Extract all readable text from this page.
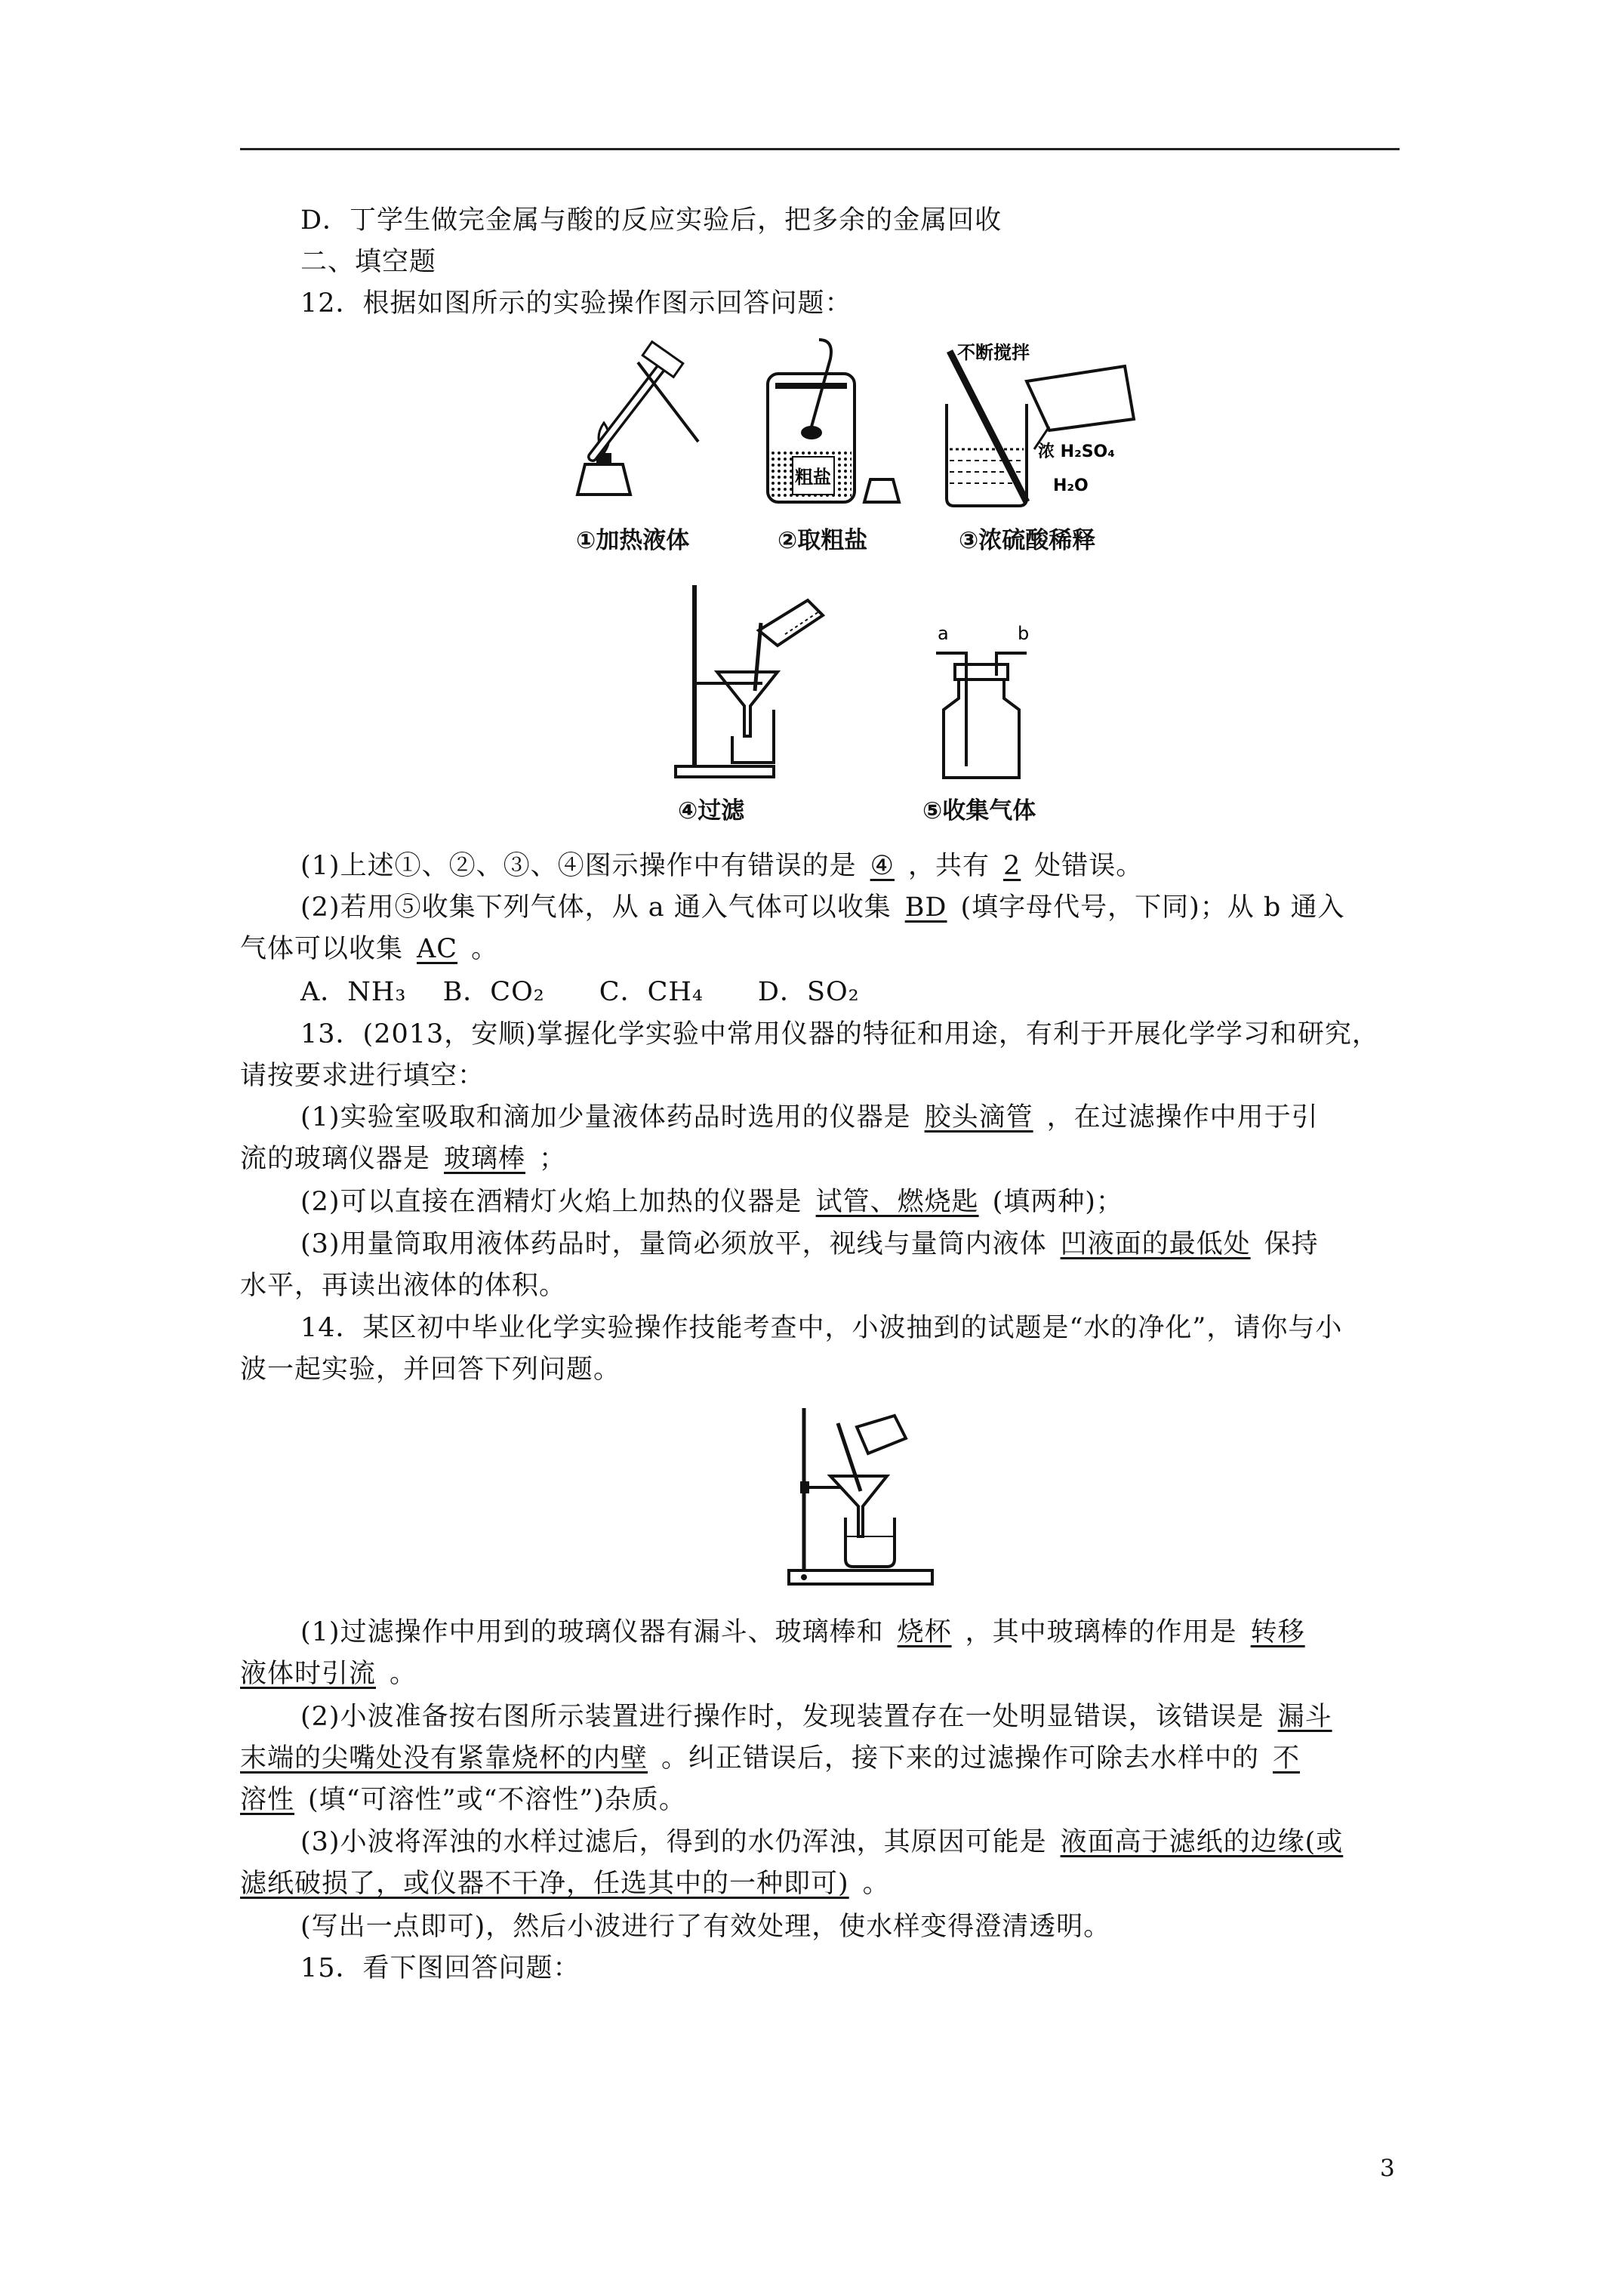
D．丁学生做完金属与酸的反应实验后，把多余的金属回收
二、填空题
12．根据如图所示的实验操作图示回答问题：
粗盐
不断搅拌
浓 H₂SO₄
H₂O
①加热液体	②取粗盐	③浓硫酸稀释
a	b
④过滤	⑤收集气体
(1)上述①、②、③、④图示操作中有错误的是 ④ ，共有 2 处错误。
(2)若用⑤收集下列气体，从 a 通入气体可以收集 BD (填字母代号，下同)；从 b 通入
气体可以收集 AC 。
A．NH₃　 B．CO₂　　C．CH₄　　D．SO₂
13．(2013，安顺)掌握化学实验中常用仪器的特征和用途，有利于开展化学学习和研究，
请按要求进行填空：
(1)实验室吸取和滴加少量液体药品时选用的仪器是 胶头滴管 ，在过滤操作中用于引
流的玻璃仪器是 玻璃棒 ；
(2)可以直接在酒精灯火焰上加热的仪器是 试管、燃烧匙 (填两种)；
(3)用量筒取用液体药品时，量筒必须放平，视线与量筒内液体 凹液面的最低处 保持
水平，再读出液体的体积。
14．某区初中毕业化学实验操作技能考查中，小波抽到的试题是“水的净化”，请你与小
波一起实验，并回答下列问题。
(1)过滤操作中用到的玻璃仪器有漏斗、玻璃棒和 烧杯 ，其中玻璃棒的作用是 转移
液体时引流 。
(2)小波准备按右图所示装置进行操作时，发现装置存在一处明显错误，该错误是 漏斗
末端的尖嘴处没有紧靠烧杯的内壁 。纠正错误后，接下来的过滤操作可除去水样中的 不
溶性 (填“可溶性”或“不溶性”)杂质。
(3)小波将浑浊的水样过滤后，得到的水仍浑浊，其原因可能是 液面高于滤纸的边缘(或
滤纸破损了，或仪器不干净，任选其中的一种即可) 。
(写出一点即可)，然后小波进行了有效处理，使水样变得澄清透明。
15．看下图回答问题：
3
